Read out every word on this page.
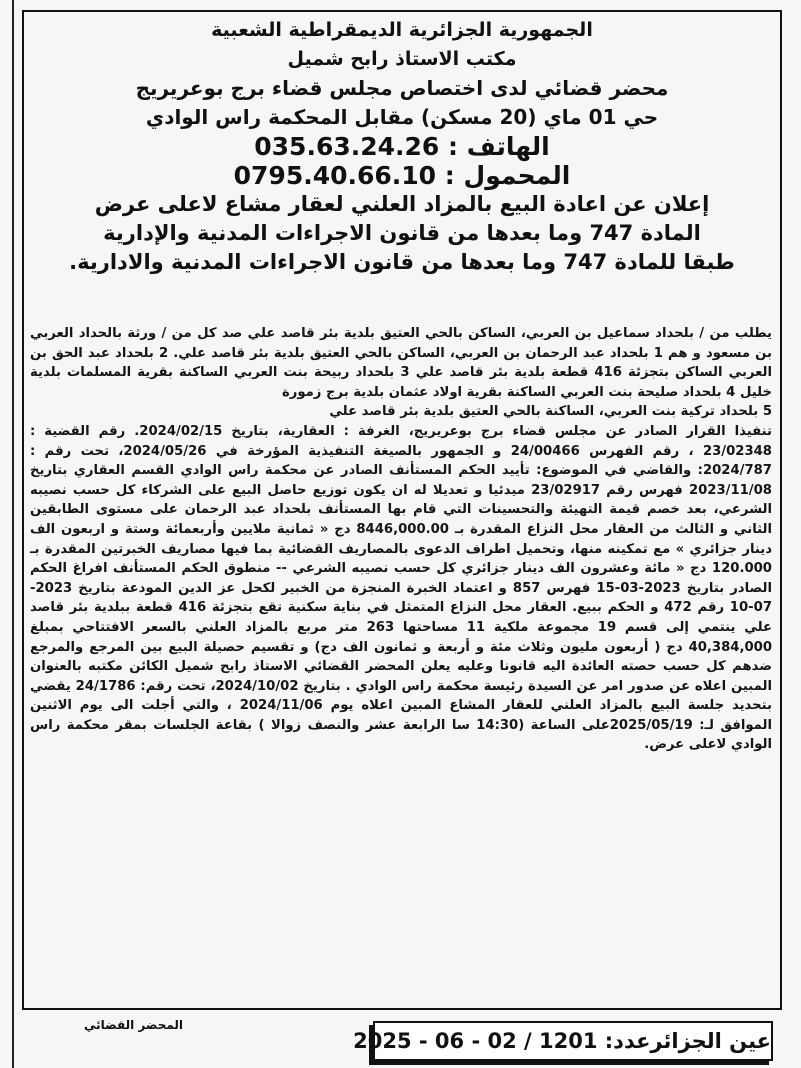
الجمهورية الجزائرية الديمقراطية الشعبية
مكتب الاستاذ رابح شميل
محضر قضائي لدى اختصاص مجلس قضاء برج بوعريريج
حي 01 ماي (20 مسكن) مقابل المحكمة راس الوادي
الهاتف : 035.63.24.26
المحمول : 0795.40.66.10
إعلان عن اعادة البيع بالمزاد العلني لعقار مشاع لاعلى عرض
المادة 747 وما بعدها من قانون الاجراءات المدنية والإدارية
طبقا للمادة 747 وما بعدها من قانون الاجراءات المدنية والادارية.

يطلب من / بلحداد سماعيل بن العربي، الساكن بالحي العتيق بلدية بئر قاصد علي صد كل من / ورثة بالحداد العربي بن مسعود و هم 1 بلحداد عبد الرحمان بن العربي، الساكن بالحي العتيق بلدية بئر قاصد علي. 2 بلحداد عبد الحق بن العربي الساكن بتجزئة 416 قطعة بلدية بئر قاصد علي 3 بلحداد ربيحة بنت العربي الساكنة بقرية المسلمات بلدية خليل 4 بلحداد صليحة بنت العربي الساكنة بقرية اولاد عثمان بلدية برج زمورة

5 بلحداد تركية بنت العربي، الساكنة بالحي العتيق بلدية بئر قاصد علي

تنفيذا القرار الصادر عن مجلس قضاء برج بوعريريج، الغرفة : العقارية، بتاريخ 2024/02/15. رقم القضية : 23/02348 ، رقم الفهرس 24/00466 و الجمهور بالصيغة التنفيذية المؤرخة في 2024/05/26، تحت رقم : 2024/787: والقاضي في الموضوع: تأييد الحكم المستأنف الصادر عن محكمة راس الوادي القسم العقاري بتاريخ 2023/11/08 فهرس رقم 23/02917 ميدئيا و تعديلا له ان يكون توزيع حاصل البيع على الشركاء كل حسب نصيبه الشرعي، بعد خصم قيمة التهيئة والتحسينات التي قام بها المستأنف بلحداد عبد الرحمان على مستوى الطابقين الثاني و الثالث من العقار محل النزاع المقدرة بـ 8446,000.00 دج « ثمانية ملايين وأربعمائة وستة و اربعون الف دينار جزائري » مع تمكينه منها، وتحميل اطراف الدعوى بالمصاريف القضائية بما فيها مصاريف الخبرتين المقدرة بـ 120.000 دج « مائة وعشرون الف دينار جزائري كل حسب نصيبه الشرعي -- منطوق الحكم المستأنف افراغ الحكم الصادر بتاريخ 2023-03-15 فهرس 857 و اعتماد الخبرة المنجزة من الخبير لكحل عز الدين المودعة بتاريخ 2023-07-10 رقم 472 و الحكم ببيع. العقار محل النزاع المتمثل في بناية سكنية تقع بتجزئة 416 قطعة ببلدية بئر قاصد علي ينتمي إلى قسم 19 مجموعة ملكية 11 مساحتها 263 متر مربع بالمزاد العلني بالسعر الافتتاحي بمبلغ 40,384,000 دج ( أربعون مليون وثلاث مئة و أربعة و ثمانون الف دج) و تقسيم حصيلة البيع بين المرجع والمرجع ضدهم كل حسب حصته العائدة اليه قانونا وعليه يعلن المحضر القضائي الاستاذ رابح شميل الكائن مكتبه بالعنوان المبين اعلاه عن صدور امر عن السيدة رئيسة محكمة راس الوادي . بتاريخ 2024/10/02، تحت رقم: 24/1786 يقضي بتحديد جلسة البيع بالمزاد العلني للعقار المشاع المبين اعلاه يوم 2024/11/06 ، والتي أجلت الى يوم الاثنين الموافق لـ: 2025/05/19على الساعة (14:30 سا الرابعة عشر والنصف زوالا ) بقاعة الجلسات بمقر محكمة راس الوادي لاعلى عرض.

المحضر القضائي
عين الجزائرعدد: 1201 / 02 - 06 - 2025
